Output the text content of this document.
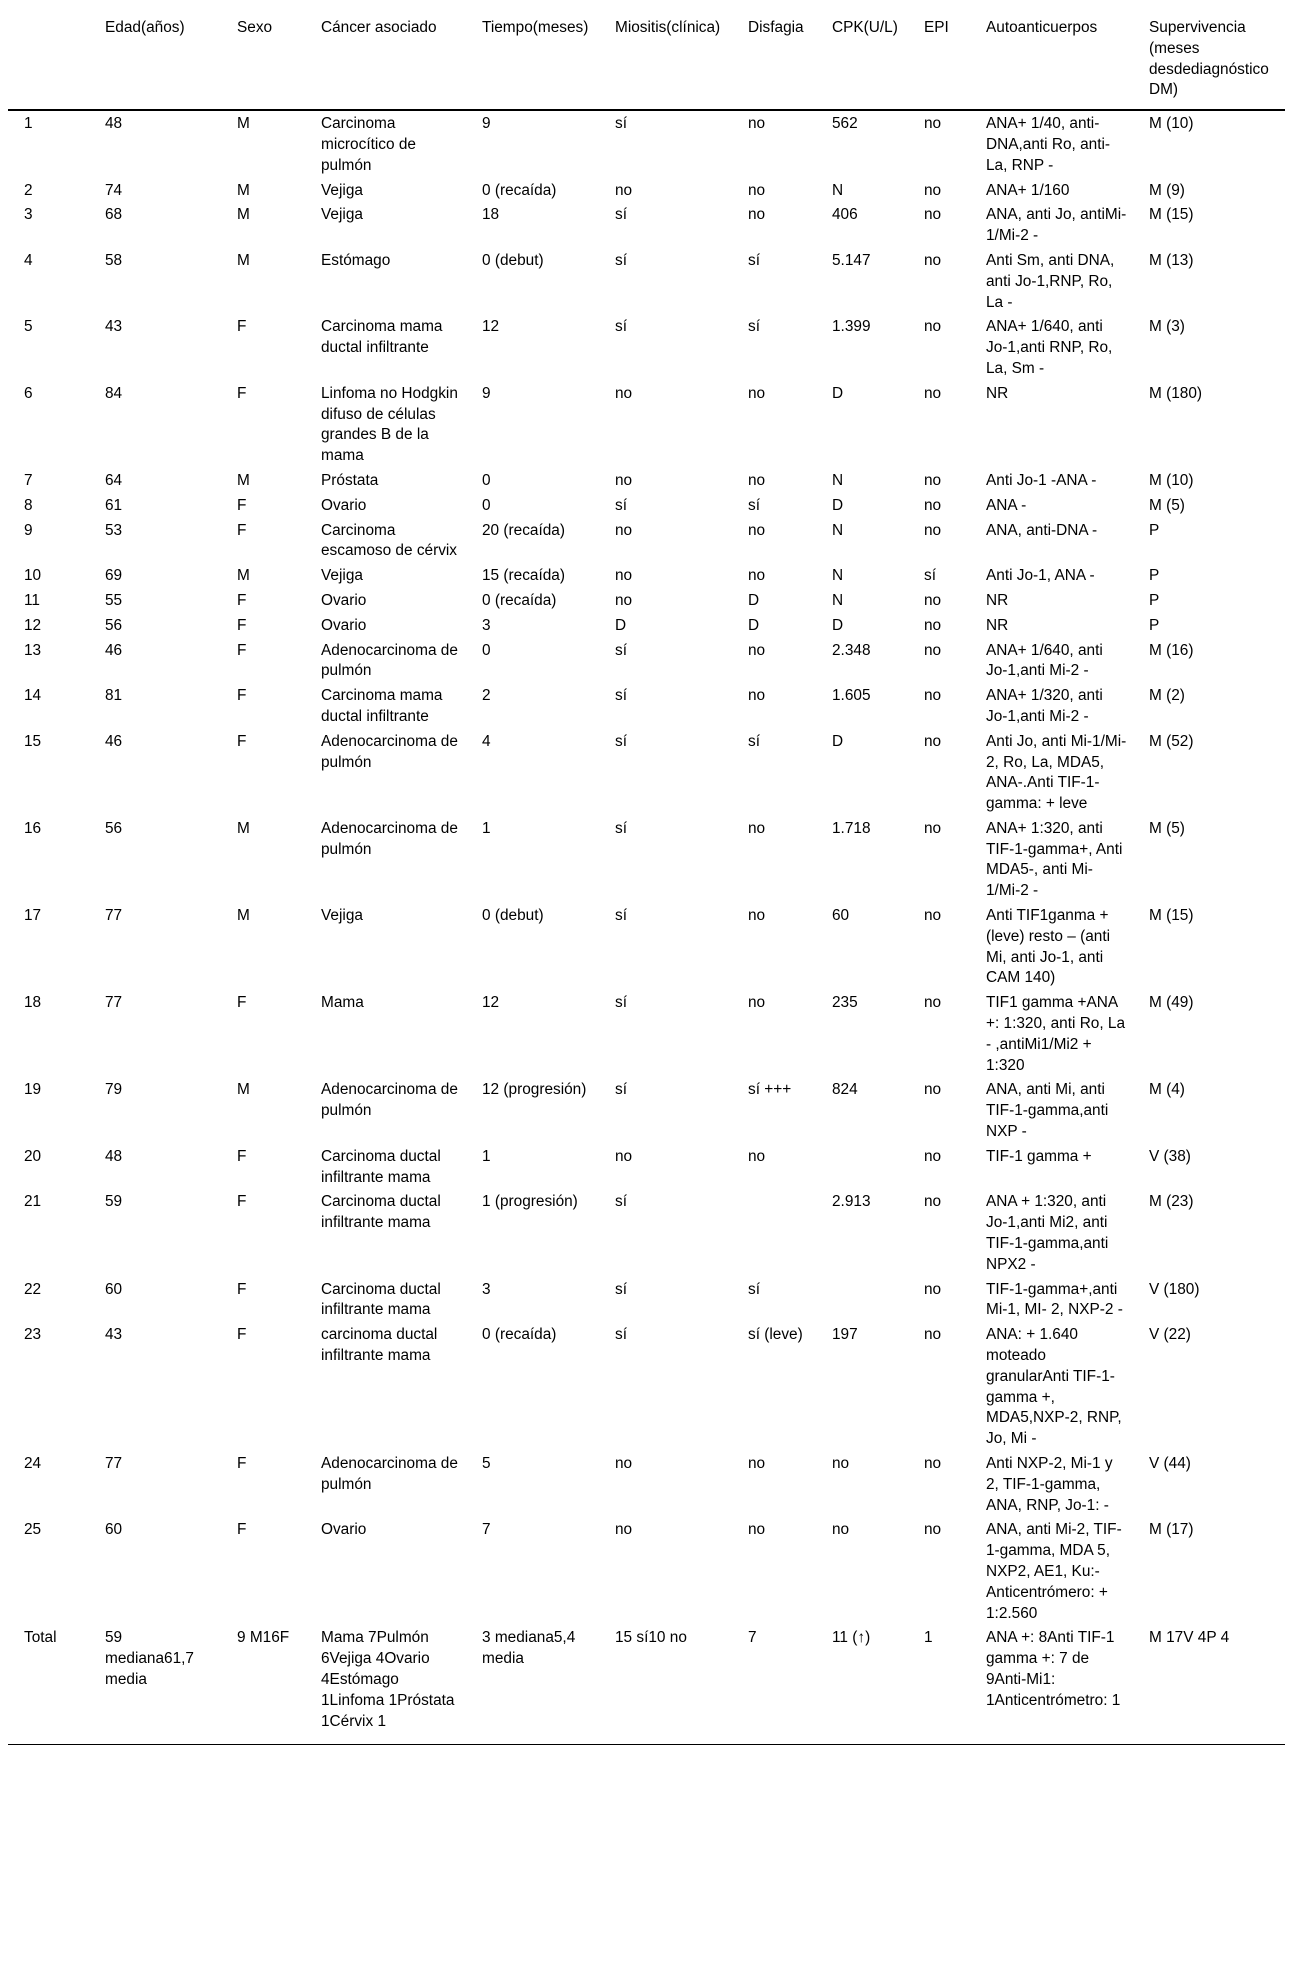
	Edad(años)	Sexo	Cáncer asociado	Tiempo(meses)	Miositis(clínica)	Disfagia	CPK(U/L)	EPI	Autoanticuerpos	Supervivencia (meses desdediagnóstico DM)
1	48	M	Carcinoma microcítico de pulmón	9	sí	no	562	no	ANA+ 1/40, anti-DNA,anti Ro, anti-La, RNP -	M (10)
2	74	M	Vejiga	0 (recaída)	no	no	N	no	ANA+ 1/160	M (9)
3	68	M	Vejiga	18	sí	no	406	no	ANA, anti Jo, antiMi-1/Mi-2 -	M (15)
4	58	M	Estómago	0 (debut)	sí	sí	5.147	no	Anti Sm, anti DNA, anti Jo-1,RNP, Ro, La -	M (13)
5	43	F	Carcinoma mama ductal infiltrante	12	sí	sí	1.399	no	ANA+ 1/640, anti Jo-1,anti RNP, Ro, La, Sm -	M (3)
6	84	F	Linfoma no Hodgkin difuso de células grandes B de la mama	9	no	no	D	no	NR	M (180)
7	64	M	Próstata	0	no	no	N	no	Anti Jo-1 -ANA -	M (10)
8	61	F	Ovario	0	sí	sí	D	no	ANA -	M (5)
9	53	F	Carcinoma escamoso de cérvix	20 (recaída)	no	no	N	no	ANA, anti-DNA -	P
10	69	M	Vejiga	15 (recaída)	no	no	N	sí	Anti Jo-1, ANA -	P
11	55	F	Ovario	0 (recaída)	no	D	N	no	NR	P
12	56	F	Ovario	3	D	D	D	no	NR	P
13	46	F	Adenocarcinoma de pulmón	0	sí	no	2.348	no	ANA+ 1/640, anti Jo-1,anti Mi-2 -	M (16)
14	81	F	Carcinoma mama ductal infiltrante	2	sí	no	1.605	no	ANA+ 1/320, anti Jo-1,anti Mi-2 -	M (2)
15	46	F	Adenocarcinoma de pulmón	4	sí	sí	D	no	Anti Jo, anti Mi-1/Mi-2, Ro, La, MDA5, ANA-.Anti TIF-1-gamma: + leve	M (52)
16	56	M	Adenocarcinoma de pulmón	1	sí	no	1.718	no	ANA+ 1:320, anti TIF-1-gamma+, Anti MDA5-, anti Mi-1/Mi-2 -	M (5)
17	77	M	Vejiga	0 (debut)	sí	no	60	no	Anti TIF1ganma + (leve) resto – (anti Mi, anti Jo-1, anti CAM 140)	M (15)
18	77	F	Mama	12	sí	no	235	no	TIF1 gamma +ANA +: 1:320, anti Ro, La - ,antiMi1/Mi2 + 1:320	M (49)
19	79	M	Adenocarcinoma de pulmón	12 (progresión)	sí	sí +++	824	no	ANA, anti Mi, anti TIF-1-gamma,anti NXP -	M (4)
20	48	F	Carcinoma ductal infiltrante mama	1	no	no		no	TIF-1 gamma +	V (38)
21	59	F	Carcinoma ductal infiltrante mama	1 (progresión)	sí		2.913	no	ANA + 1:320, anti Jo-1,anti Mi2, anti TIF-1-gamma,anti NPX2 -	M (23)
22	60	F	Carcinoma ductal infiltrante mama	3	sí	sí		no	TIF-1-gamma+,anti Mi-1, MI- 2, NXP-2 -	V (180)
23	43	F	carcinoma ductal infiltrante mama	0 (recaída)	sí	sí (leve)	197	no	ANA: + 1.640 moteado granularAnti TIF-1-gamma +, MDA5,NXP-2, RNP, Jo, Mi -	V (22)
24	77	F	Adenocarcinoma de pulmón	5	no	no	no	no	Anti NXP-2, Mi-1 y 2, TIF-1-gamma, ANA, RNP, Jo-1: -	V (44)
25	60	F	Ovario	7	no	no	no	no	ANA, anti Mi-2, TIF-1-gamma, MDA 5, NXP2, AE1, Ku:- Anticentrómero: + 1:2.560	M (17)
Total	59 mediana61,7 media	9 M16F	Mama 7Pulmón 6Vejiga 4Ovario 4Estómago 1Linfoma 1Próstata 1Cérvix 1	3 mediana5,4 media	15 sí10 no	7	11 (↑)	1	ANA +: 8Anti TIF-1 gamma +: 7 de 9Anti-Mi1: 1Anticentrómetro: 1	M 17V 4P 4
